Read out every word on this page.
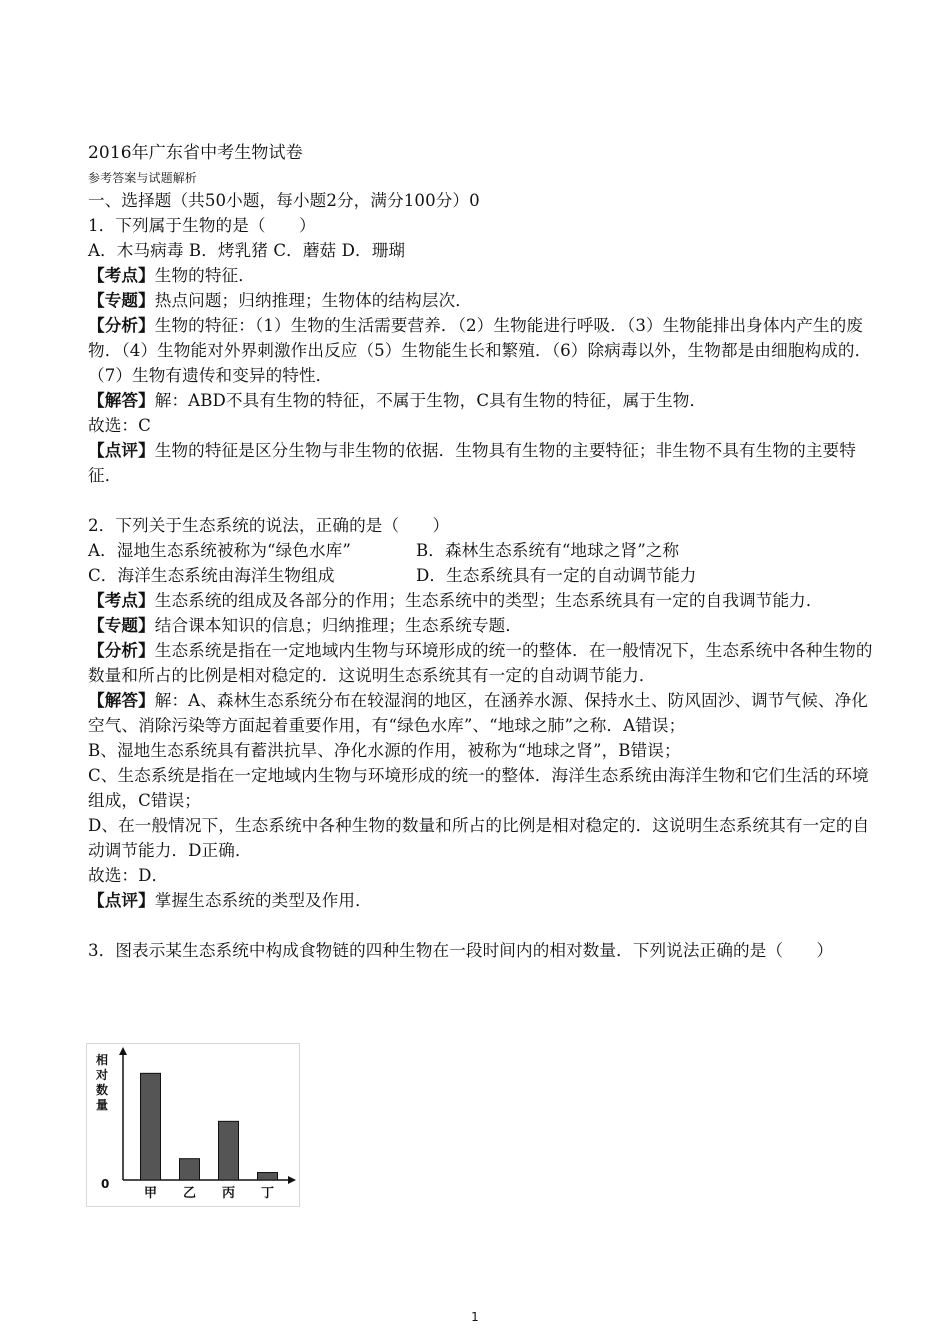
2016年广东省中考生物试卷
参考答案与试题解析
一、选择题（共50小题，每小题2分，满分100分）0
1．下列属于生物的是（　　）
A．木马病毒 B．烤乳猪 C．蘑菇 D．珊瑚
【考点】生物的特征．
【专题】热点问题；归纳推理；生物体的结构层次．
【分析】生物的特征：（1）生物的生活需要营养．（2）生物能进行呼吸．（3）生物能排出身体内产生的废物．（4）生物能对外界刺激作出反应（5）生物能生长和繁殖．（6）除病毒以外，生物都是由细胞构成的．（7）生物有遗传和变异的特性．
【解答】解：ABD不具有生物的特征，不属于生物，C具有生物的特征，属于生物．
故选：C
【点评】生物的特征是区分生物与非生物的依据．生物具有生物的主要特征；非生物不具有生物的主要特征．
2．下列关于生态系统的说法，正确的是（　　）
A．湿地生态系统被称为“绿色水库”	B．森林生态系统有“地球之肾”之称
C．海洋生态系统由海洋生物组成	D．生态系统具有一定的自动调节能力
【考点】生态系统的组成及各部分的作用；生态系统中的类型；生态系统具有一定的自我调节能力．
【专题】结合课本知识的信息；归纳推理；生态系统专题．
【分析】生态系统是指在一定地域内生物与环境形成的统一的整体．在一般情况下，生态系统中各种生物的数量和所占的比例是相对稳定的．这说明生态系统其有一定的自动调节能力．
【解答】解：A、森林生态系统分布在较湿润的地区，在涵养水源、保持水土、防风固沙、调节气候、净化空气、消除污染等方面起着重要作用，有“绿色水库”、“地球之肺”之称．A错误；
B、湿地生态系统具有蓄洪抗旱、净化水源的作用，被称为“地球之肾”，B错误；
C、生态系统是指在一定地域内生物与环境形成的统一的整体．海洋生态系统由海洋生物和它们生活的环境组成，C错误；
D、在一般情况下，生态系统中各种生物的数量和所占的比例是相对稳定的．这说明生态系统其有一定的自动调节能力．D正确．
故选：D．
【点评】掌握生态系统的类型及作用．
3．图表示某生态系统中构成食物链的四种生物在一段时间内的相对数量．下列说法正确的是（　　）
相对数量
0
甲 乙 丙 丁
1
